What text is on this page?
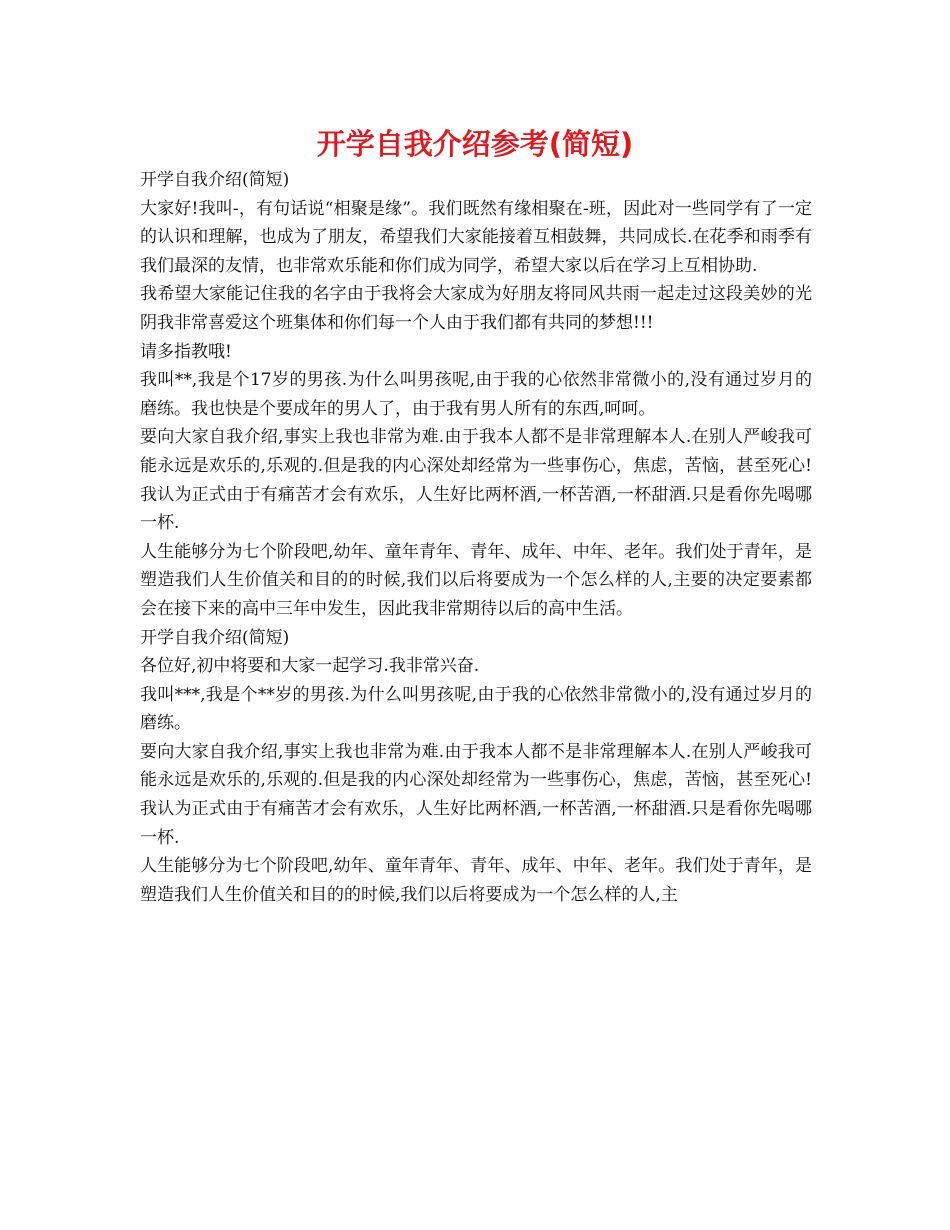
开学自我介绍参考(简短)

开学自我介绍(简短)

大家好!我叫-，有句话说“相聚是缘”。我们既然有缘相聚在-班，因此对一些同学有了一定的认识和理解，也成为了朋友，希望我们大家能接着互相鼓舞，共同成长.在花季和雨季有我们最深的友情，也非常欢乐能和你们成为同学，希望大家以后在学习上互相协助.

我希望大家能记住我的名字由于我将会大家成为好朋友将同风共雨一起走过这段美妙的光阴我非常喜爱这个班集体和你们每一个人由于我们都有共同的梦想!!!

请多指教哦!

我叫**,我是个17岁的男孩.为什么叫男孩呢,由于我的心依然非常微小的,没有通过岁月的磨练。我也快是个要成年的男人了，由于我有男人所有的东西,呵呵。

要向大家自我介绍,事实上我也非常为难.由于我本人都不是非常理解本人.在别人严峻我可能永远是欢乐的,乐观的.但是我的内心深处却经常为一些事伤心，焦虑，苦恼，甚至死心!我认为正式由于有痛苦才会有欢乐，人生好比两杯酒,一杯苦酒,一杯甜酒.只是看你先喝哪一杯.

人生能够分为七个阶段吧,幼年、童年青年、青年、成年、中年、老年。我们处于青年，是塑造我们人生价值关和目的的时候,我们以后将要成为一个怎么样的人,主要的决定要素都会在接下来的高中三年中发生，因此我非常期待以后的高中生活。

开学自我介绍(简短)

各位好,初中将要和大家一起学习.我非常兴奋.

我叫***,我是个**岁的男孩.为什么叫男孩呢,由于我的心依然非常微小的,没有通过岁月的磨练。

要向大家自我介绍,事实上我也非常为难.由于我本人都不是非常理解本人.在别人严峻我可能永远是欢乐的,乐观的.但是我的内心深处却经常为一些事伤心，焦虑，苦恼，甚至死心!我认为正式由于有痛苦才会有欢乐，人生好比两杯酒,一杯苦酒,一杯甜酒.只是看你先喝哪一杯.

人生能够分为七个阶段吧,幼年、童年青年、青年、成年、中年、老年。我们处于青年，是塑造我们人生价值关和目的的时候,我们以后将要成为一个怎么样的人,主
